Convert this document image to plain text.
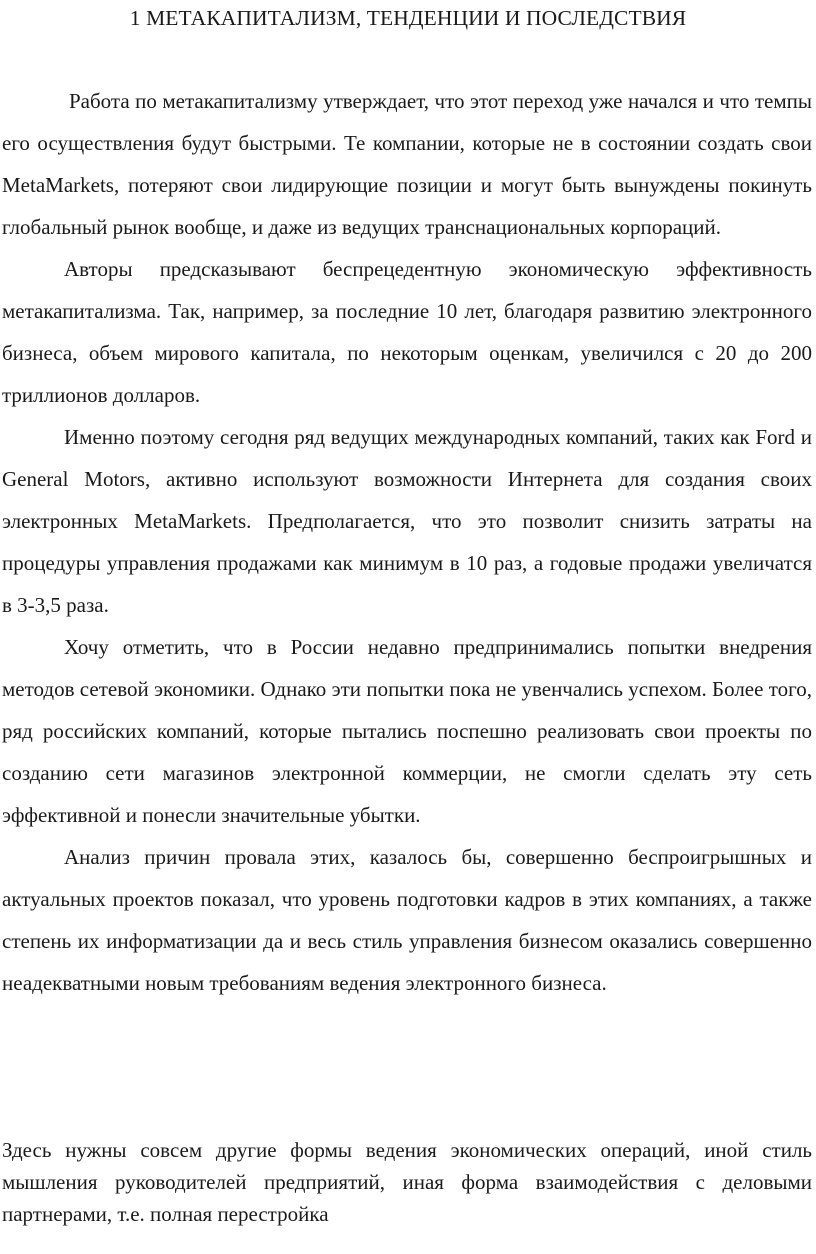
1 МЕТАКАПИТАЛИЗМ, ТЕНДЕНЦИИ И ПОСЛЕДСТВИЯ

Работа по метакапитализму утверждает, что этот переход уже начался и что темпы его осуществления будут быстрыми. Те компании, которые не в состоянии создать свои MetaMarkets, потеряют свои лидирующие позиции и могут быть вынуждены покинуть глобальный рынок вообще, и даже из ведущих транснациональных корпораций.

Авторы предсказывают беспрецедентную экономическую эффективность метакапитализма. Так, например, за последние 10 лет, благодаря развитию электронного бизнеса, объем мирового капитала, по некоторым оценкам, увеличился с 20 до 200 триллионов долларов.

Именно поэтому сегодня ряд ведущих международных компаний, таких как Ford и General Motors, активно используют возможности Интернета для создания своих электронных MetaMarkets. Предполагается, что это позволит снизить затраты на процедуры управления продажами как минимум в 10 раз, а годовые продажи увеличатся в 3-3,5 раза.

Хочу отметить, что в России недавно предпринимались попытки внедрения методов сетевой экономики. Однако эти попытки пока не увенчались успехом. Более того, ряд российских компаний, которые пытались поспешно реализовать свои проекты по созданию сети магазинов электронной коммерции, не смогли сделать эту сеть эффективной и понесли значительные убытки.

Анализ причин провала этих, казалось бы, совершенно беспроигрышных и актуальных проектов показал, что уровень подготовки кадров в этих компаниях, а также степень их информатизации да и весь стиль управления бизнесом оказались совершенно неадекватными новым требованиям ведения электронного бизнеса.

Здесь нужны совсем другие формы ведения экономических операций, иной стиль мышления руководителей предприятий, иная форма взаимодействия с деловыми партнерами, т.е. полная перестройка
